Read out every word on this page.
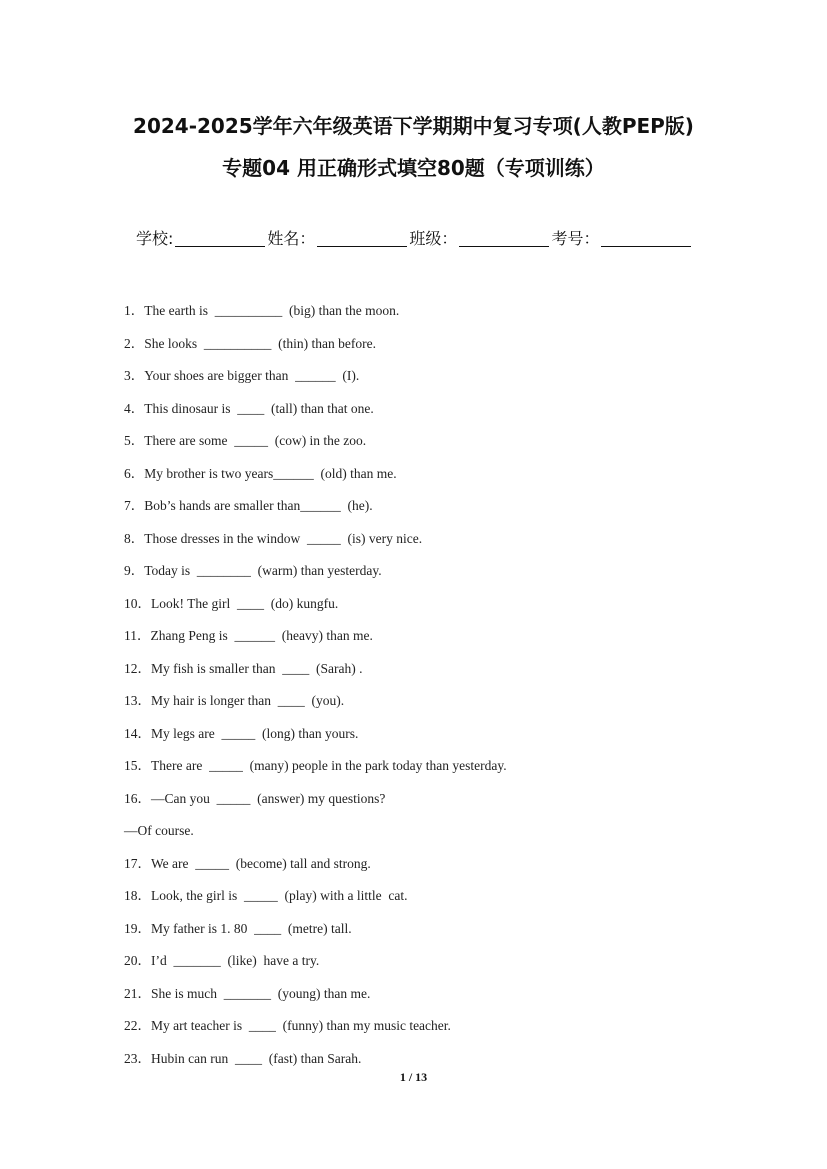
2024-2025学年六年级英语下学期期中复习专项(人教PEP版)
专题04 用正确形式填空80题（专项训练）
学校:	姓名：	班级：	考号：
1．The earth is  __________  (big) than the moon.
2．She looks  __________  (thin) than before.
3．Your shoes are bigger than  ______  (I).
4．This dinosaur is  ____  (tall) than that one.
5．There are some  _____  (cow) in the zoo.
6．My brother is two years______  (old) than me.
7．Bob’s hands are smaller than______  (he).
8．Those dresses in the window  _____  (is) very nice.
9．Today is  ________  (warm) than yesterday.
10．Look! The girl  ____  (do) kungfu.
11．Zhang Peng is  ______  (heavy) than me.
12．My fish is smaller than  ____  (Sarah) .
13．My hair is longer than  ____  (you).
14．My legs are  _____  (long) than yours.
15．There are  _____  (many) people in the park today than yesterday.
16．—Can you  _____  (answer) my questions?
—Of course.
17．We are  _____  (become) tall and strong.
18．Look, the girl is  _____  (play) with a little  cat.
19．My father is 1. 80  ____  (metre) tall.
20．I’d  _______  (like)  have a try.
21．She is much  _______  (young) than me.
22．My art teacher is  ____  (funny) than my music teacher.
23．Hubin can run  ____  (fast) than Sarah.
1 / 13
